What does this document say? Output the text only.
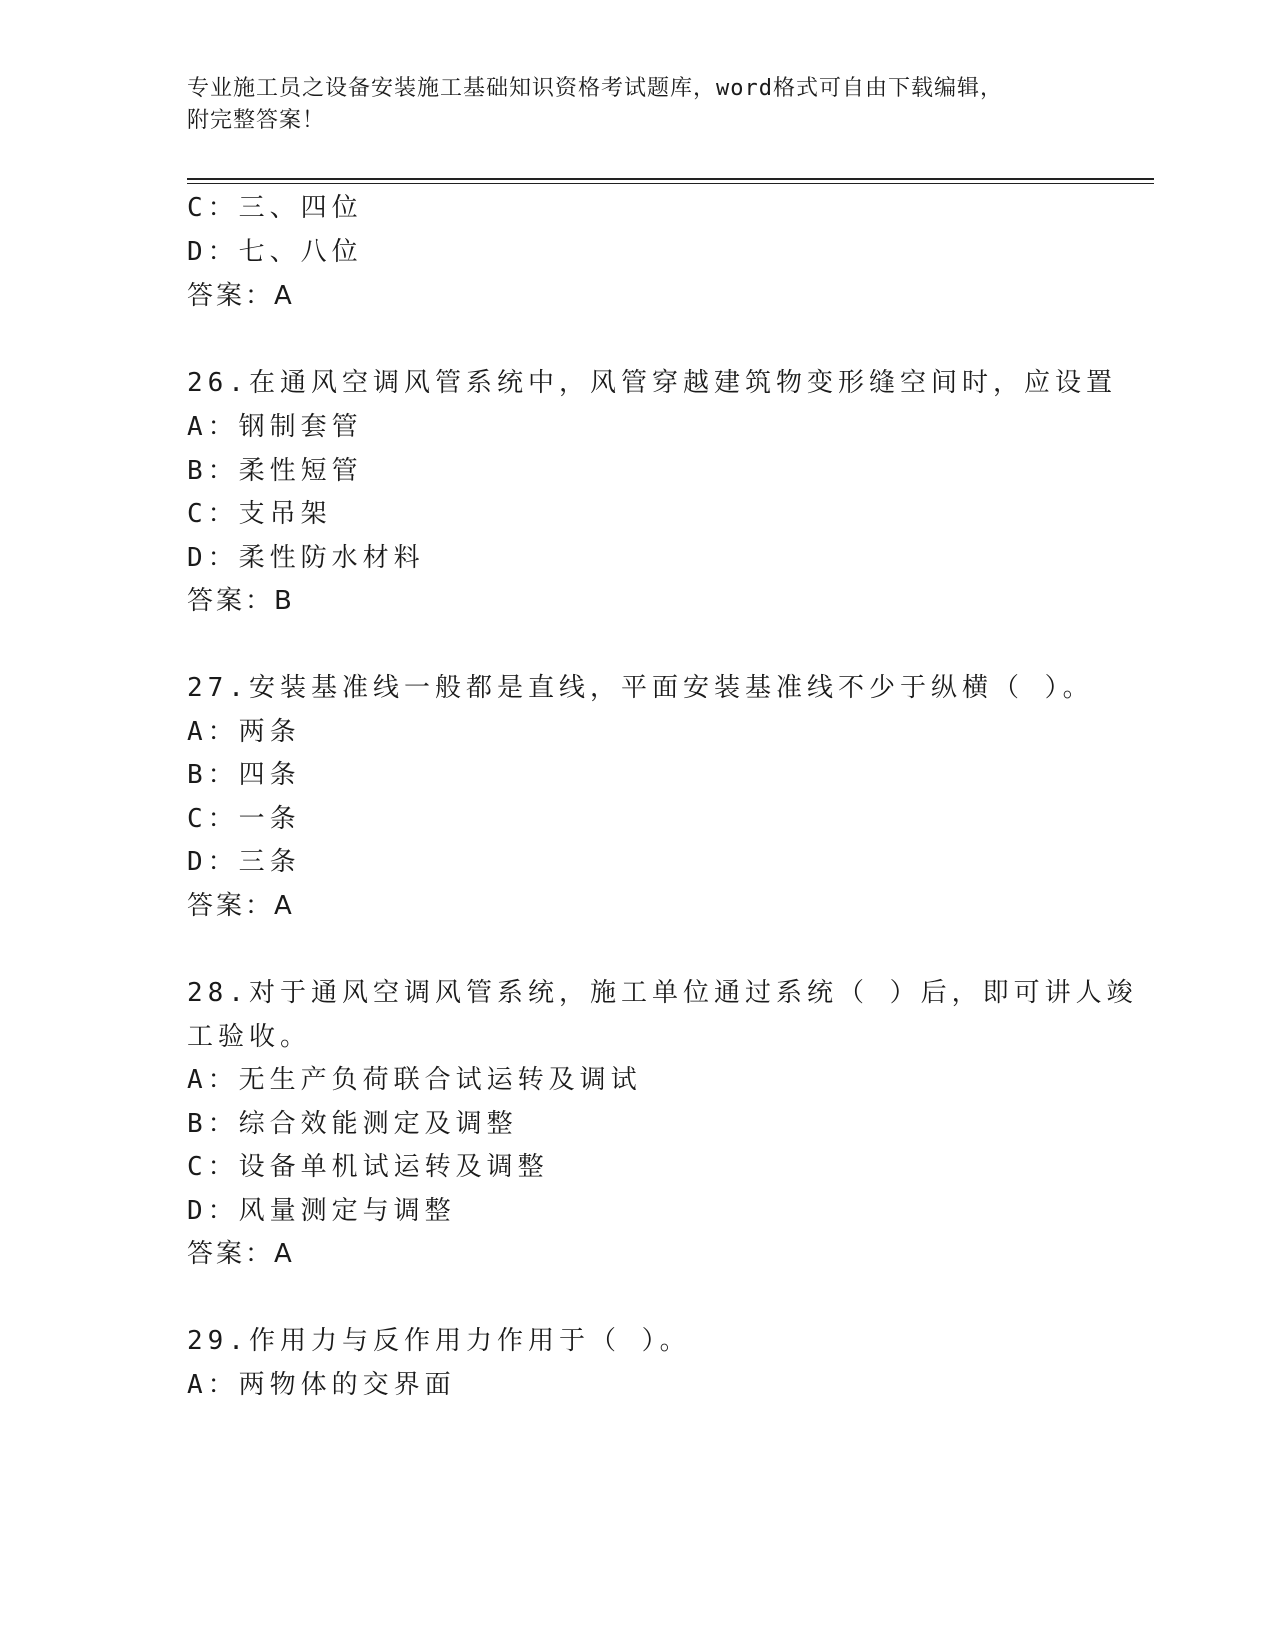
专业施工员之设备安装施工基础知识资格考试题库，word格式可自由下载编辑，
附完整答案！
C：三、四位
D：七、八位
答案：A
26.在通风空调风管系统中，风管穿越建筑物变形缝空间时，应设置
A：钢制套管
B：柔性短管
C：支吊架
D：柔性防水材料
答案：B
27.安装基准线一般都是直线，平面安装基准线不少于纵横（ ）。
A：两条
B：四条
C：一条
D：三条
答案：A
28.对于通风空调风管系统，施工单位通过系统（ ）后，即可讲人竣
工验收。
A：无生产负荷联合试运转及调试
B：综合效能测定及调整
C：设备单机试运转及调整
D：风量测定与调整
答案：A
29.作用力与反作用力作用于（ ）。
A：两物体的交界面
